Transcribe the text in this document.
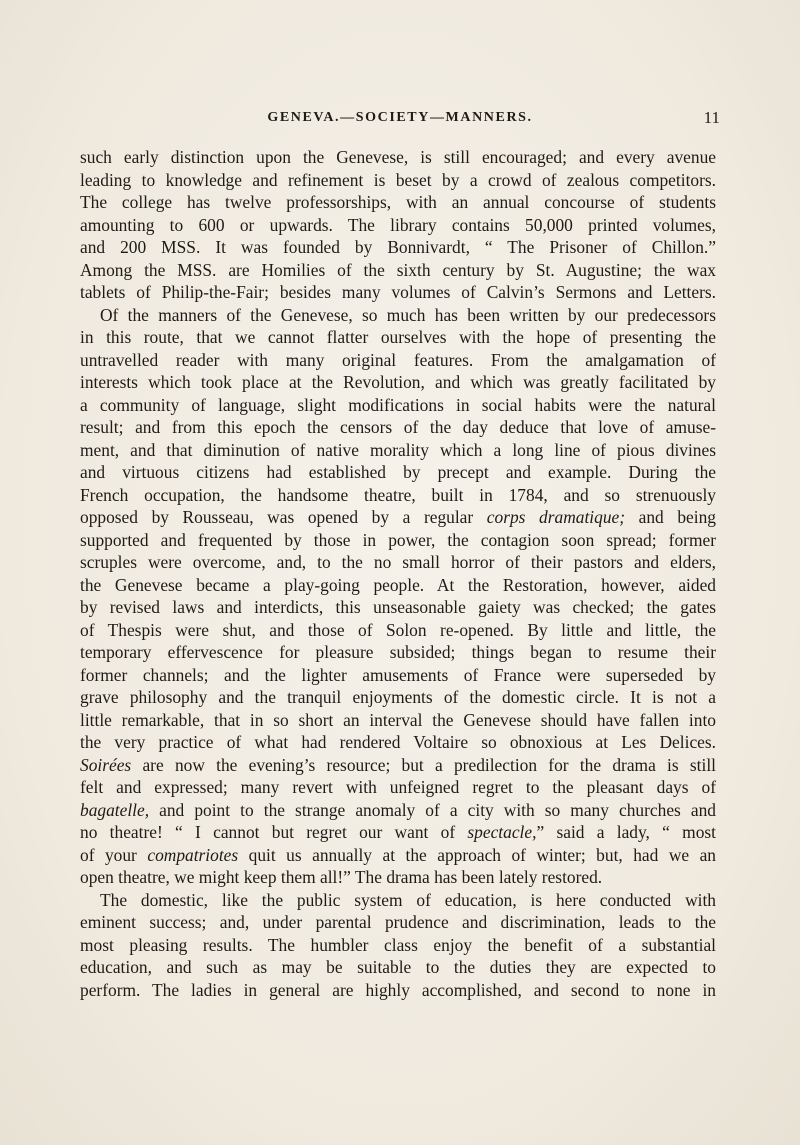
GENEVA.—SOCIETY—MANNERS.	11
such early distinction upon the Genevese, is still encouraged; and every avenue
leading to knowledge and refinement is beset by a crowd of zealous competitors.
The college has twelve professorships, with an annual concourse of students
amounting to 600 or upwards. The library contains 50,000 printed volumes,
and 200 MSS. It was founded by Bonnivardt, “ The Prisoner of Chillon.”
Among the MSS. are Homilies of the sixth century by St. Augustine; the wax
tablets of Philip-the-Fair; besides many volumes of Calvin’s Sermons and Letters.
Of the manners of the Genevese, so much has been written by our predecessors
in this route, that we cannot flatter ourselves with the hope of presenting the
untravelled reader with many original features. From the amalgamation of
interests which took place at the Revolution, and which was greatly facilitated by
a community of language, slight modifications in social habits were the natural
result; and from this epoch the censors of the day deduce that love of amuse-
ment, and that diminution of native morality which a long line of pious divines
and virtuous citizens had established by precept and example. During the
French occupation, the handsome theatre, built in 1784, and so strenuously
opposed by Rousseau, was opened by a regular corps dramatique; and being
supported and frequented by those in power, the contagion soon spread; former
scruples were overcome, and, to the no small horror of their pastors and elders,
the Genevese became a play-going people. At the Restoration, however, aided
by revised laws and interdicts, this unseasonable gaiety was checked; the gates
of Thespis were shut, and those of Solon re-opened. By little and little, the
temporary effervescence for pleasure subsided; things began to resume their
former channels; and the lighter amusements of France were superseded by
grave philosophy and the tranquil enjoyments of the domestic circle. It is not a
little remarkable, that in so short an interval the Genevese should have fallen into
the very practice of what had rendered Voltaire so obnoxious at Les Delices.
Soirées are now the evening’s resource; but a predilection for the drama is still
felt and expressed; many revert with unfeigned regret to the pleasant days of
bagatelle, and point to the strange anomaly of a city with so many churches and
no theatre! “ I cannot but regret our want of spectacle,” said a lady, “ most
of your compatriotes quit us annually at the approach of winter; but, had we an
open theatre, we might keep them all!” The drama has been lately restored.
The domestic, like the public system of education, is here conducted with
eminent success; and, under parental prudence and discrimination, leads to the
most pleasing results. The humbler class enjoy the benefit of a substantial
education, and such as may be suitable to the duties they are expected to
perform. The ladies in general are highly accomplished, and second to none in
